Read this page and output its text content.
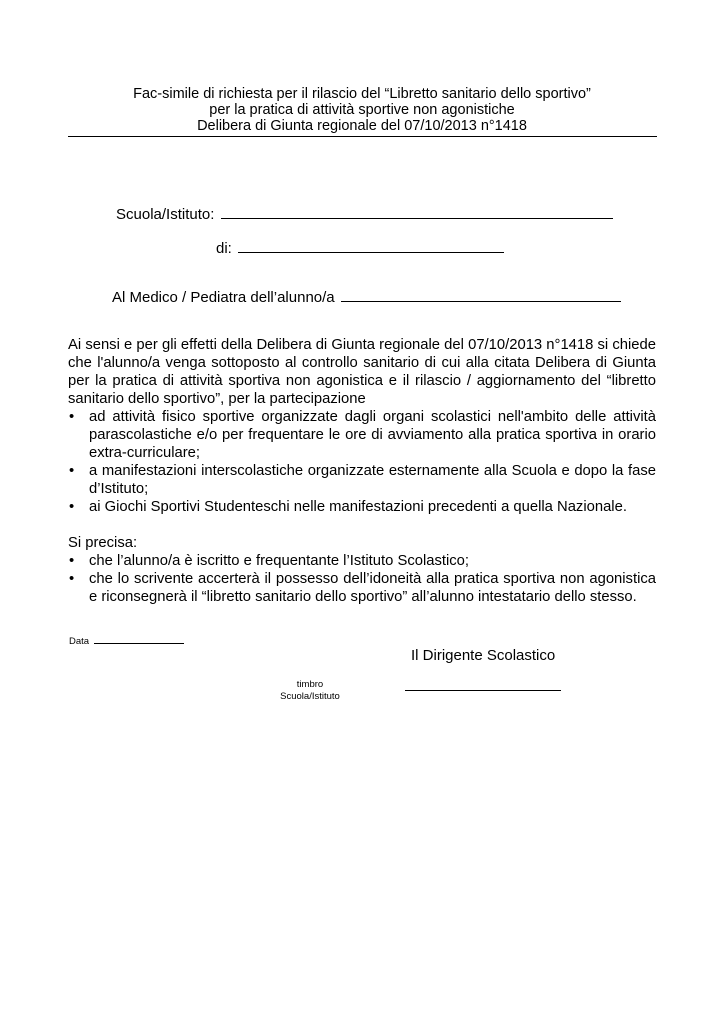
Fac-simile di richiesta per il rilascio del “Libretto sanitario dello sportivo”
per la pratica di attività sportive non agonistiche
Delibera di Giunta regionale del 07/10/2013 n°1418
Scuola/Istituto:
di:
Al Medico / Pediatra dell’alunno/a

Ai sensi e per gli effetti della Delibera di Giunta regionale del 07/10/2013 n°1418 si chiede che l'alunno/a venga sottoposto al controllo sanitario di cui alla citata Delibera di Giunta per la pratica di attività sportiva non agonistica e il rilascio / aggiornamento del “libretto sanitario dello sportivo”, per la partecipazione

• ad attività fisico sportive organizzate dagli organi scolastici nell'ambito delle attività parascolastiche e/o per frequentare le ore di avviamento alla pratica sportiva in orario extra-curriculare;
• a manifestazioni interscolastiche organizzate esternamente alla Scuola e dopo la fase d’Istituto;
• ai Giochi Sportivi Studenteschi nelle manifestazioni precedenti a quella Nazionale.

Si precisa:

• che l’alunno/a è iscritto e frequentante l’Istituto Scolastico;
• che lo scrivente accerterà il possesso dell’idoneità alla pratica sportiva non agonistica e riconsegnerà il “libretto sanitario dello sportivo” all’alunno intestatario dello stesso.
Data
Il Dirigente Scolastico
timbro
Scuola/Istituto
